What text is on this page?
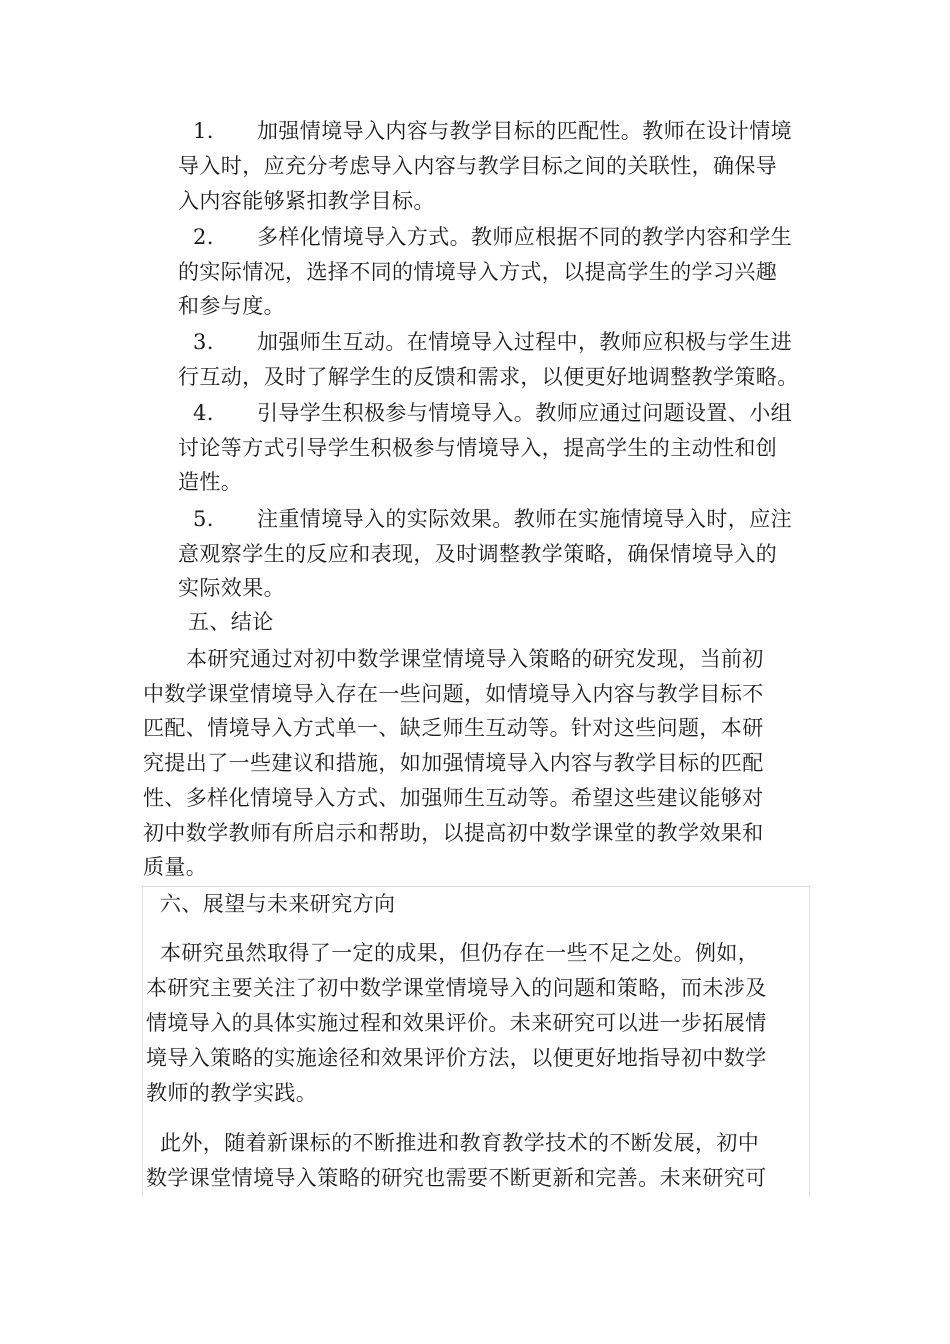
1. 加强情境导入内容与教学目标的匹配性。教师在设计情境

导入时，应充分考虑导入内容与教学目标之间的关联性，确保导

入内容能够紧扣教学目标。

2. 多样化情境导入方式。教师应根据不同的教学内容和学生

的实际情况，选择不同的情境导入方式，以提高学生的学习兴趣

和参与度。

3. 加强师生互动。在情境导入过程中，教师应积极与学生进

行互动，及时了解学生的反馈和需求，以便更好地调整教学策略。

4. 引导学生积极参与情境导入。教师应通过问题设置、小组

讨论等方式引导学生积极参与情境导入，提高学生的主动性和创

造性。

5. 注重情境导入的实际效果。教师在实施情境导入时，应注

意观察学生的反应和表现，及时调整教学策略，确保情境导入的

实际效果。

五、结论

本研究通过对初中数学课堂情境导入策略的研究发现，当前初

中数学课堂情境导入存在一些问题，如情境导入内容与教学目标不

匹配、情境导入方式单一、缺乏师生互动等。针对这些问题，本研

究提出了一些建议和措施，如加强情境导入内容与教学目标的匹配

性、多样化情境导入方式、加强师生互动等。希望这些建议能够对

初中数学教师有所启示和帮助，以提高初中数学课堂的教学效果和

质量。

六、展望与未来研究方向

本研究虽然取得了一定的成果，但仍存在一些不足之处。例如，

本研究主要关注了初中数学课堂情境导入的问题和策略，而未涉及

情境导入的具体实施过程和效果评价。未来研究可以进一步拓展情

境导入策略的实施途径和效果评价方法，以便更好地指导初中数学

教师的教学实践。

此外，随着新课标的不断推进和教育教学技术的不断发展，初中

数学课堂情境导入策略的研究也需要不断更新和完善。未来研究可
